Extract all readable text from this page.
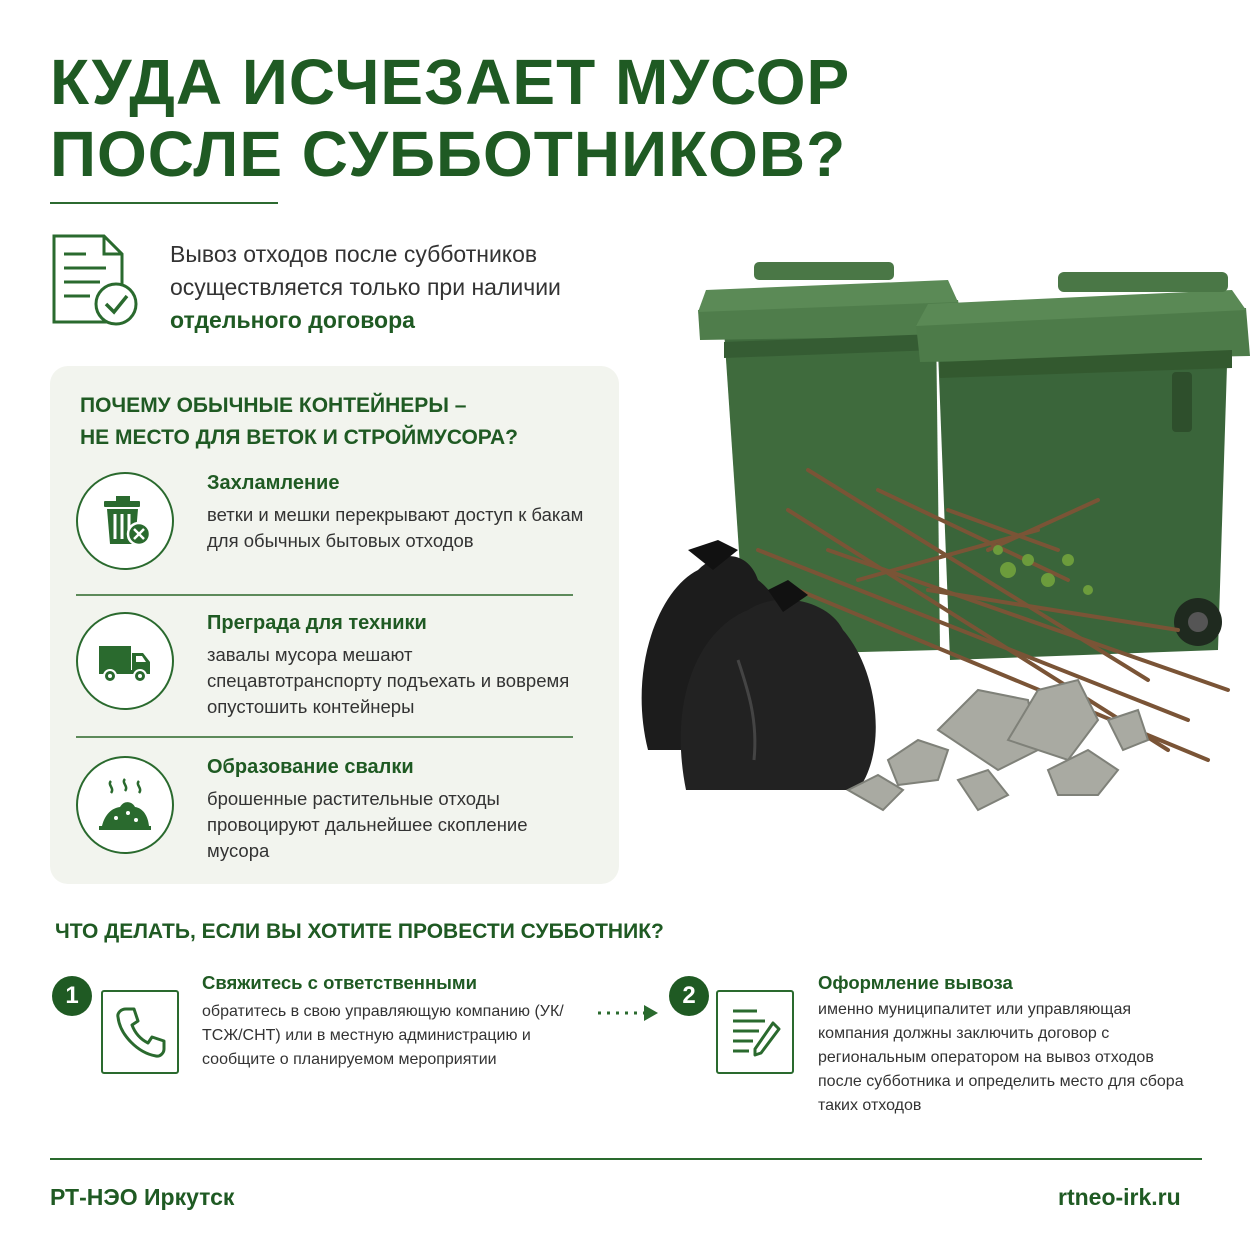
КУДА ИСЧЕЗАЕТ МУСОР
ПОСЛЕ СУББОТНИКОВ?
Вывоз отходов после субботников
осуществляется только при наличии
отдельного договора
ПОЧЕМУ ОБЫЧНЫЕ КОНТЕЙНЕРЫ –
НЕ МЕСТО ДЛЯ ВЕТОК И СТРОЙМУСОРА?
Захламление
ветки и мешки перекрывают доступ к бакам для обычных бытовых отходов
Преграда для техники
завалы мусора мешают спецавтотранспорту подъехать и вовремя опустошить контейнеры
Образование свалки
брошенные растительные отходы провоцируют дальнейшее скопление мусора
ЧТО ДЕЛАТЬ, ЕСЛИ ВЫ ХОТИТЕ ПРОВЕСТИ СУББОТНИК?
1	Свяжитесь с ответственными
обратитесь в свою управляющую компанию (УК/ТСЖ/СНТ) или в местную администрацию и сообщите о планируемом мероприятии
2	Оформление вывоза
именно муниципалитет или управляющая компания должны заключить договор с региональным оператором на вывоз отходов после субботника и определить место для сбора таких отходов
РТ-НЭО Иркутск	rtneo-irk.ru
